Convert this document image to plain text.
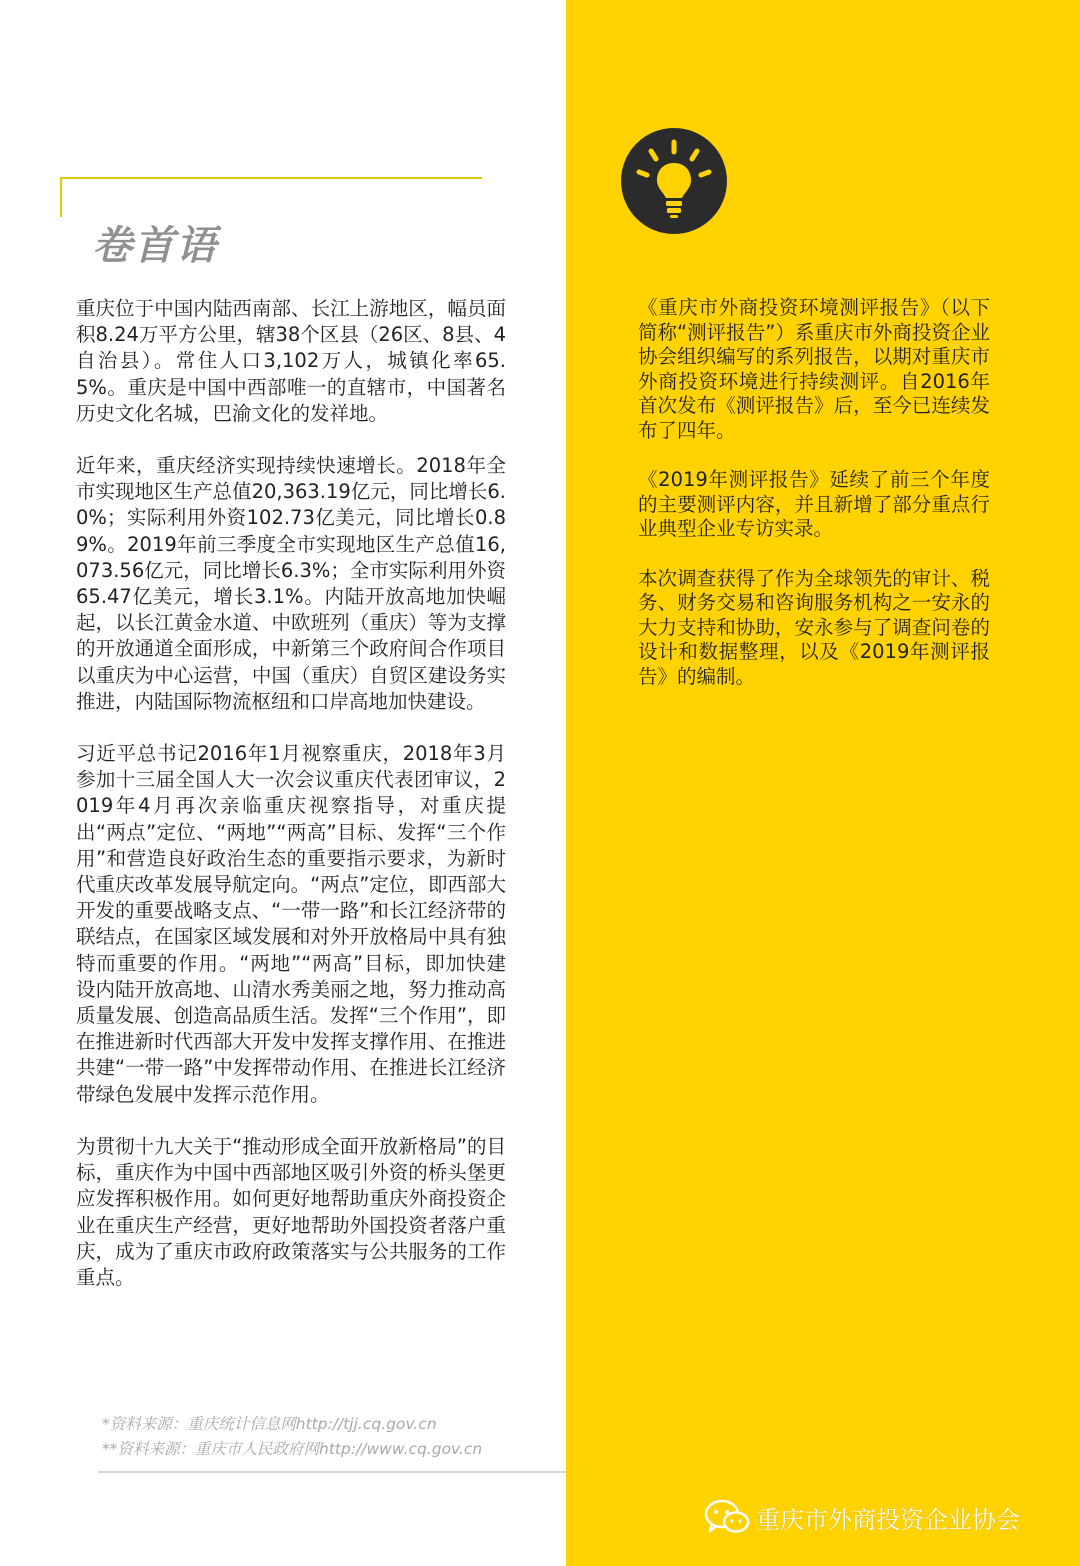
卷首语

重庆位于中国内陆西南部、长江上游地区，幅员面积8.24万平方公里，辖38个区县（26区、8县、4自治县）。常住人口3,102万人，城镇化率65.5%。重庆是中国中西部唯一的直辖市，中国著名历史文化名城，巴渝文化的发祥地。

近年来，重庆经济实现持续快速增长。2018年全市实现地区生产总值20,363.19亿元，同比增长6.0%；实际利用外资102.73亿美元，同比增长0.89%。2019年前三季度全市实现地区生产总值16,073.56亿元，同比增长6.3%；全市实际利用外资65.47亿美元，增长3.1%。内陆开放高地加快崛起，以长江黄金水道、中欧班列（重庆）等为支撑的开放通道全面形成，中新第三个政府间合作项目以重庆为中心运营，中国（重庆）自贸区建设务实推进，内陆国际物流枢纽和口岸高地加快建设。

习近平总书记2016年1月视察重庆，2018年3月参加十三届全国人大一次会议重庆代表团审议，2019年4月再次亲临重庆视察指导，对重庆提出“两点”定位、“两地”“两高”目标、发挥“三个作用”和营造良好政治生态的重要指示要求，为新时代重庆改革发展导航定向。“两点”定位，即西部大开发的重要战略支点、“一带一路”和长江经济带的联结点，在国家区域发展和对外开放格局中具有独特而重要的作用。“两地”“两高”目标，即加快建设内陆开放高地、山清水秀美丽之地，努力推动高质量发展、创造高品质生活。发挥“三个作用”，即在推进新时代西部大开发中发挥支撑作用、在推进共建“一带一路”中发挥带动作用、在推进长江经济带绿色发展中发挥示范作用。

为贯彻十九大关于“推动形成全面开放新格局”的目标，重庆作为中国中西部地区吸引外资的桥头堡更应发挥积极作用。如何更好地帮助重庆外商投资企业在重庆生产经营，更好地帮助外国投资者落户重庆，成为了重庆市政府政策落实与公共服务的工作重点。

《重庆市外商投资环境测评报告》（以下简称“测评报告”）系重庆市外商投资企业协会组织编写的系列报告，以期对重庆市外商投资环境进行持续测评。自2016年首次发布《测评报告》后，至今已连续发布了四年。

《2019年测评报告》延续了前三个年度的主要测评内容，并且新增了部分重点行业典型企业专访实录。

本次调查获得了作为全球领先的审计、税务、财务交易和咨询服务机构之一安永的大力支持和协助，安永参与了调查问卷的设计和数据整理，以及《2019年测评报告》的编制。

*资料来源：重庆统计信息网http://tjj.cq.gov.cn
**资料来源：重庆市人民政府网http://www.cq.gov.cn
重庆市外商投资企业协会
